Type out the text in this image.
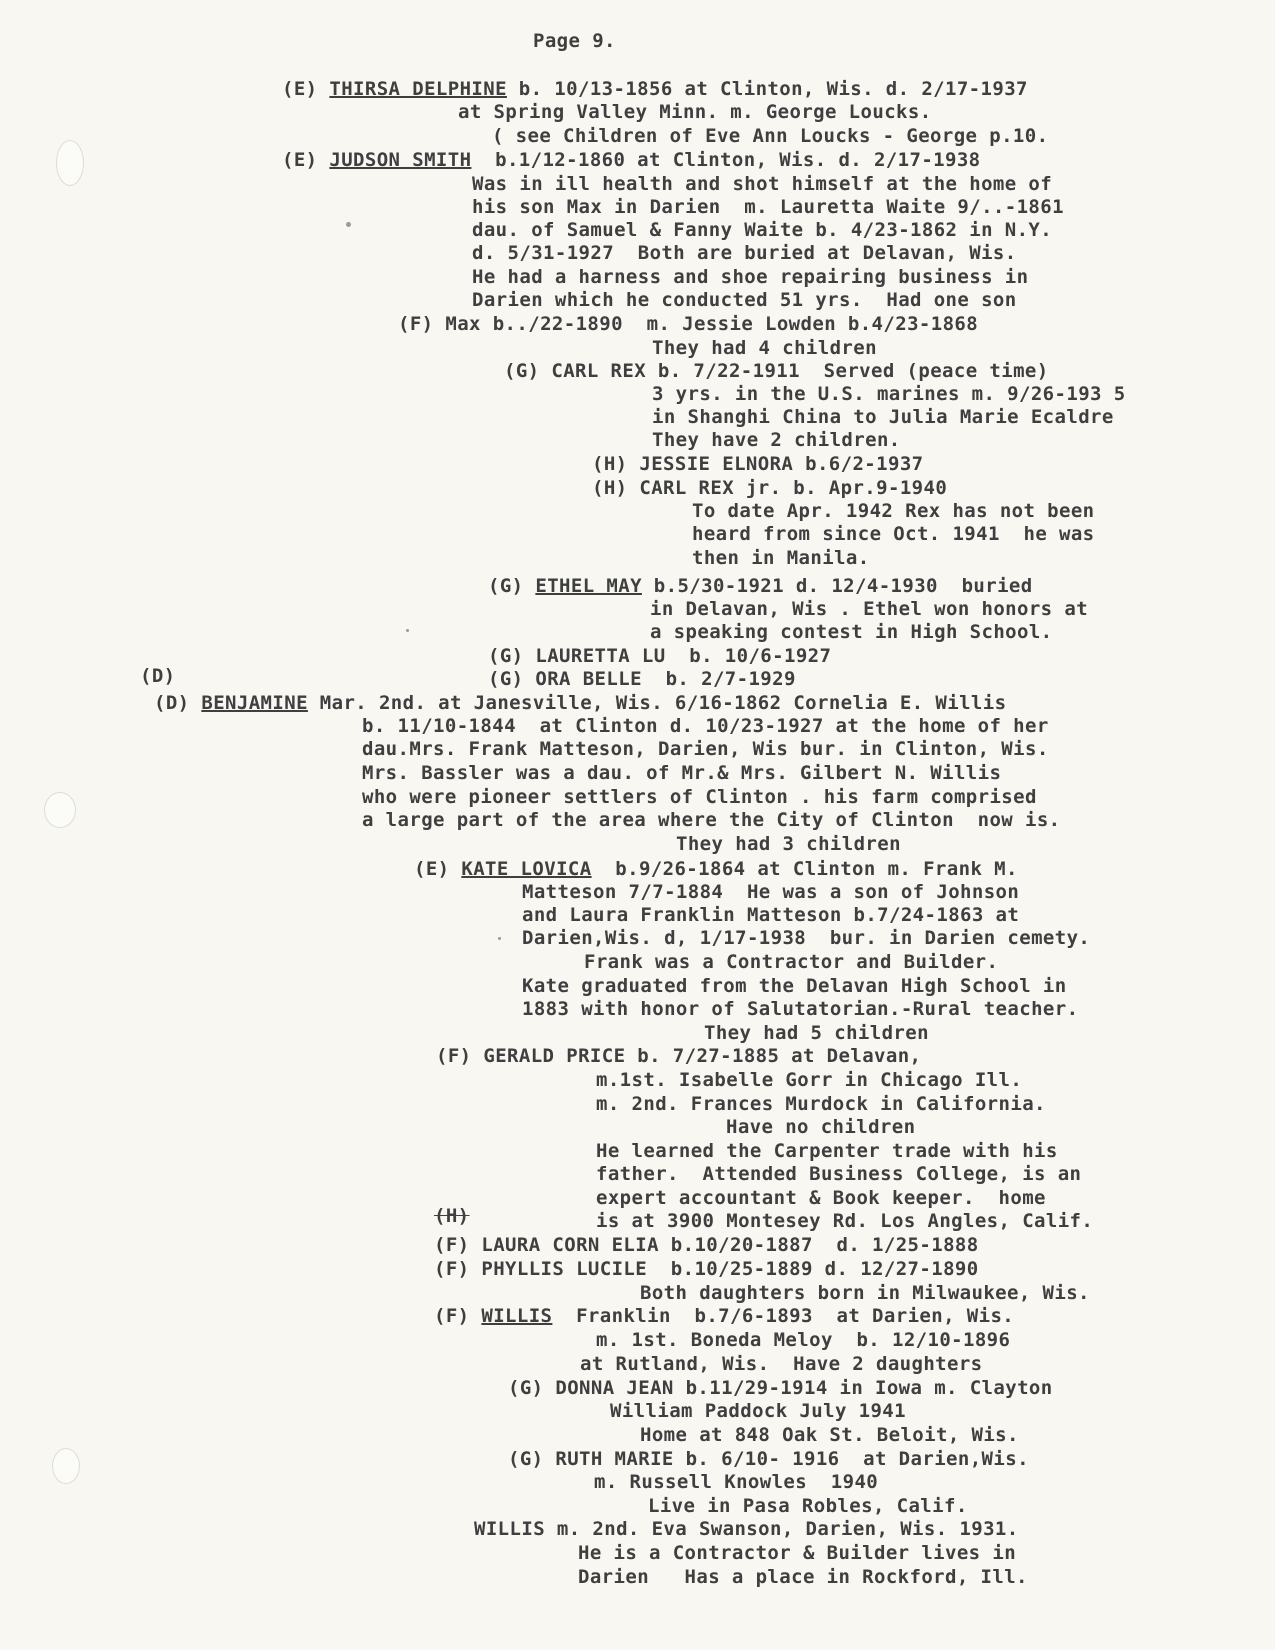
Page 9.
(E) THIRSA DELPHINE b. 10/13-1856 at Clinton, Wis. d. 2/17-1937
at Spring Valley Minn. m. George Loucks.
( see Children of Eve Ann Loucks - George p.10.
(E) JUDSON SMITH  b.1/12-1860 at Clinton, Wis. d. 2/17-1938
Was in ill health and shot himself at the home of
his son Max in Darien  m. Lauretta Waite 9/..-1861
dau. of Samuel & Fanny Waite b. 4/23-1862 in N.Y.
d. 5/31-1927  Both are buried at Delavan, Wis.
He had a harness and shoe repairing business in
Darien which he conducted 51 yrs.  Had one son
(F) Max b../22-1890  m. Jessie Lowden b.4/23-1868
They had 4 children
(G) CARL REX b. 7/22-1911  Served (peace time)
3 yrs. in the U.S. marines m. 9/26-193 5
in Shanghi China to Julia Marie Ecaldre
They have 2 children.
(H) JESSIE ELNORA b.6/2-1937
(H) CARL REX jr. b. Apr.9-1940
To date Apr. 1942 Rex has not been
heard from since Oct. 1941  he was
then in Manila.
(G) ETHEL MAY b.5/30-1921 d. 12/4-1930  buried
in Delavan, Wis . Ethel won honors at
a speaking contest in High School.
(G) LAURETTA LU  b. 10/6-1927
(D)	(G) ORA BELLE  b. 2/7-1929
(D) BENJAMINE Mar. 2nd. at Janesville, Wis. 6/16-1862 Cornelia E. Willis
b. 11/10-1844  at Clinton d. 10/23-1927 at the home of her
dau.Mrs. Frank Matteson, Darien, Wis bur. in Clinton, Wis.
Mrs. Bassler was a dau. of Mr.& Mrs. Gilbert N. Willis
who were pioneer settlers of Clinton . his farm comprised
a large part of the area where the City of Clinton  now is.
They had 3 children
(E) KATE LOVICA  b.9/26-1864 at Clinton m. Frank M.
Matteson 7/7-1884  He was a son of Johnson
and Laura Franklin Matteson b.7/24-1863 at
Darien,Wis. d, 1/17-1938  bur. in Darien cemety.
Frank was a Contractor and Builder.
Kate graduated from the Delavan High School in
1883 with honor of Salutatorian.-Rural teacher.
They had 5 children
(F) GERALD PRICE b. 7/27-1885 at Delavan,
m.1st. Isabelle Gorr in Chicago Ill.
m. 2nd. Frances Murdock in California.
Have no children
He learned the Carpenter trade with his
father.  Attended Business College, is an
expert accountant & Book keeper.  home
(H)	is at 3900 Montesey Rd. Los Angles, Calif.
(F) LAURA CORN ELIA b.10/20-1887  d. 1/25-1888
(F) PHYLLIS LUCILE  b.10/25-1889 d. 12/27-1890
Both daughters born in Milwaukee, Wis.
(F) WILLIS  Franklin  b.7/6-1893  at Darien, Wis.
m. 1st. Boneda Meloy  b. 12/10-1896
at Rutland, Wis.  Have 2 daughters
(G) DONNA JEAN b.11/29-1914 in Iowa m. Clayton
William Paddock July 1941
Home at 848 Oak St. Beloit, Wis.
(G) RUTH MARIE b. 6/10- 1916  at Darien,Wis.
m. Russell Knowles  1940
Live in Pasa Robles, Calif.
WILLIS m. 2nd. Eva Swanson, Darien, Wis. 1931.
He is a Contractor & Builder lives in
Darien   Has a place in Rockford, Ill.
